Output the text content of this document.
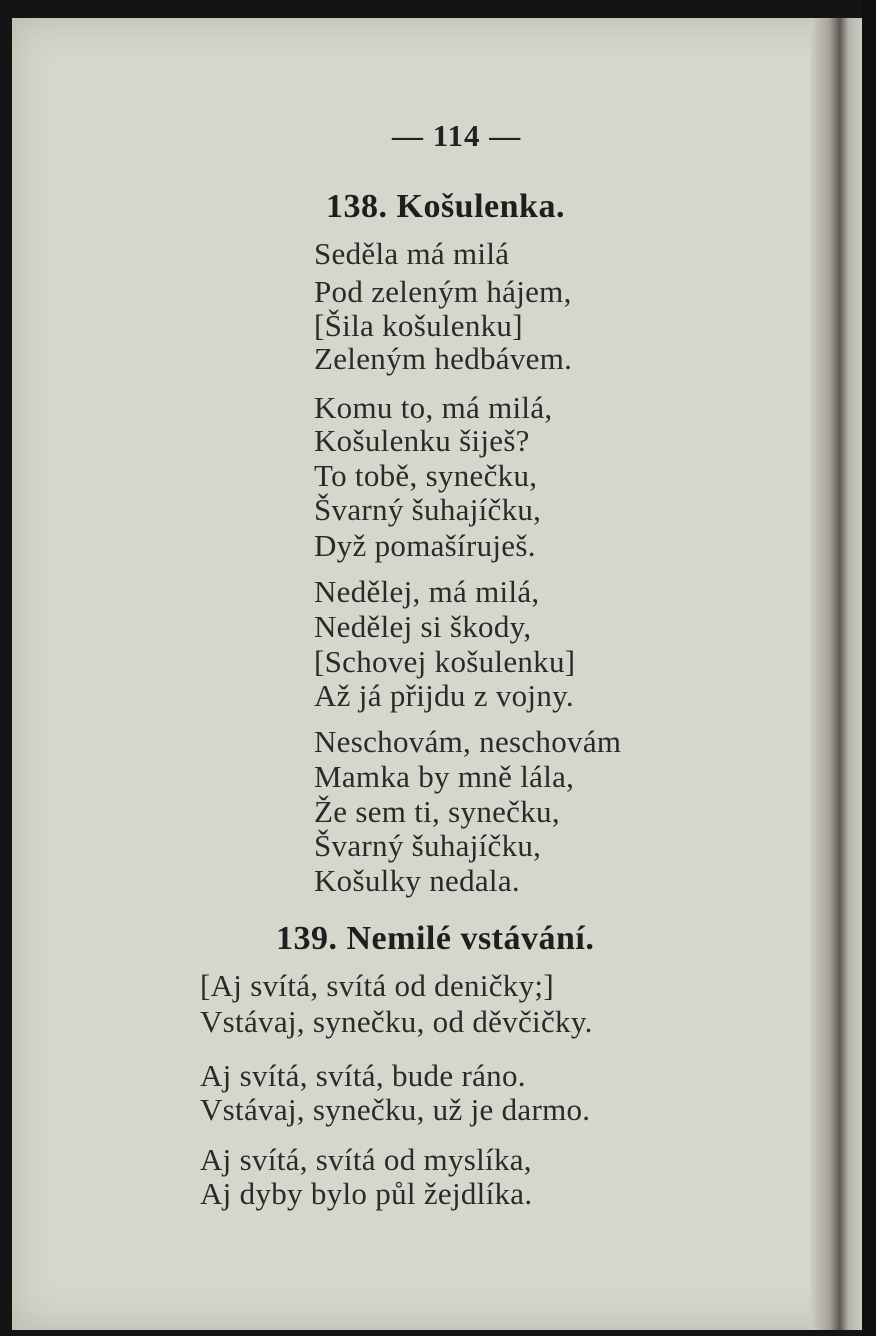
— 114 —
138. Košulenka.
Seděla má milá
Pod zeleným hájem,
[Šila košulenku]
Zeleným hedbávem.
Komu to, má milá,
Košulenku šiješ?
To tobě, synečku,
Švarný šuhajíčku,
Dyž pomašíruješ.
Nedělej, má milá,
Nedělej si škody,
[Schovej košulenku]
Až já přijdu z vojny.
Neschovám, neschovám
Mamka by mně lála,
Že sem ti, synečku,
Švarný šuhajíčku,
Košulky nedala.
139. Nemilé vstávání.
[Aj svítá, svítá od deničky;]
Vstávaj, synečku, od děvčičky.
Aj svítá, svítá, bude ráno.
Vstávaj, synečku, už je darmo.
Aj svítá, svítá od myslíka,
Aj dyby bylo půl žejdlíka.
